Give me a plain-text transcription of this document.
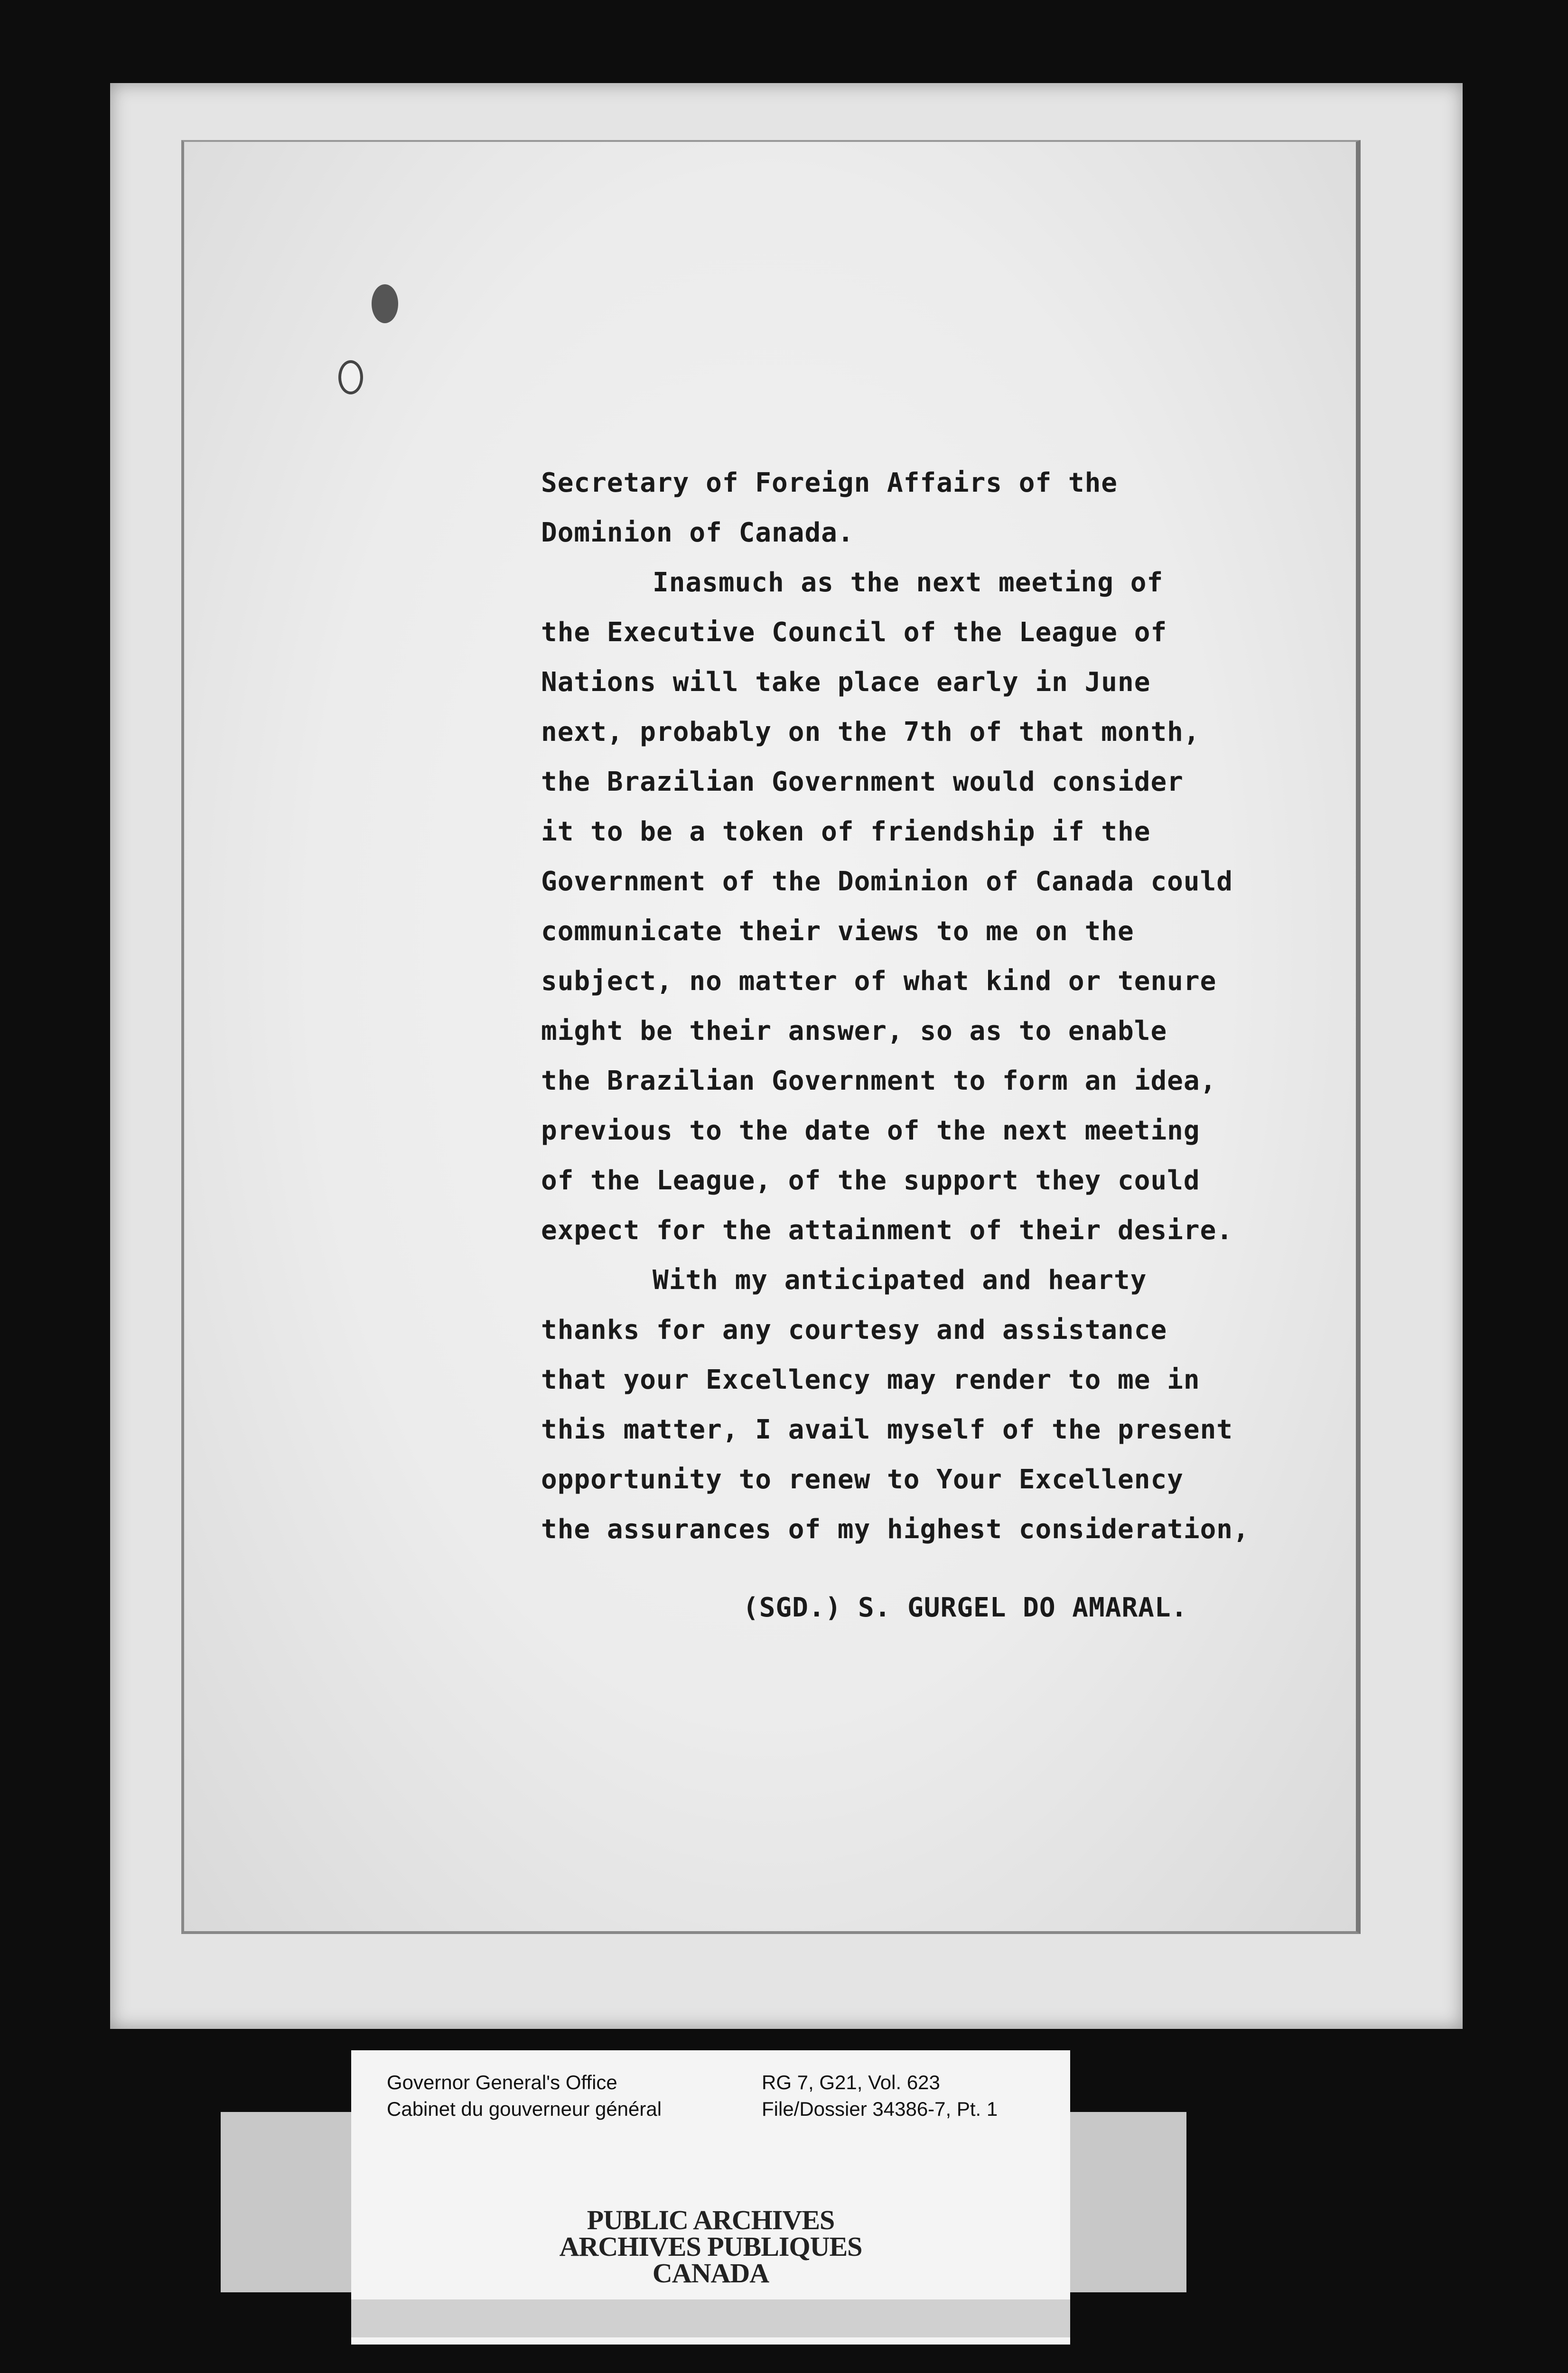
Secretary of Foreign Affairs of the
Dominion of Canada.
Inasmuch as the next meeting of
the Executive Council of the League of
Nations will take place early in June
next, probably on the 7th of that month,
the Brazilian Government would consider
it to be a token of friendship if the
Government of the Dominion of Canada could
communicate their views to me on the
subject, no matter of what kind or tenure
might be their answer, so as to enable
the Brazilian Government to form an idea,
previous to the date of the next meeting
of the League, of the support they could
expect for the attainment of their desire.
With my anticipated and hearty
thanks for any courtesy and assistance
that your Excellency may render to me in
this matter, I avail myself of the present
opportunity to renew to Your Excellency
the assurances of my highest consideration,
(SGD.) S. GURGEL DO AMARAL.
Governor General's Office
Cabinet du gouverneur général
RG 7, G21, Vol. 623
File/Dossier 34386-7, Pt. 1
PUBLIC ARCHIVES
ARCHIVES PUBLIQUES
CANADA
